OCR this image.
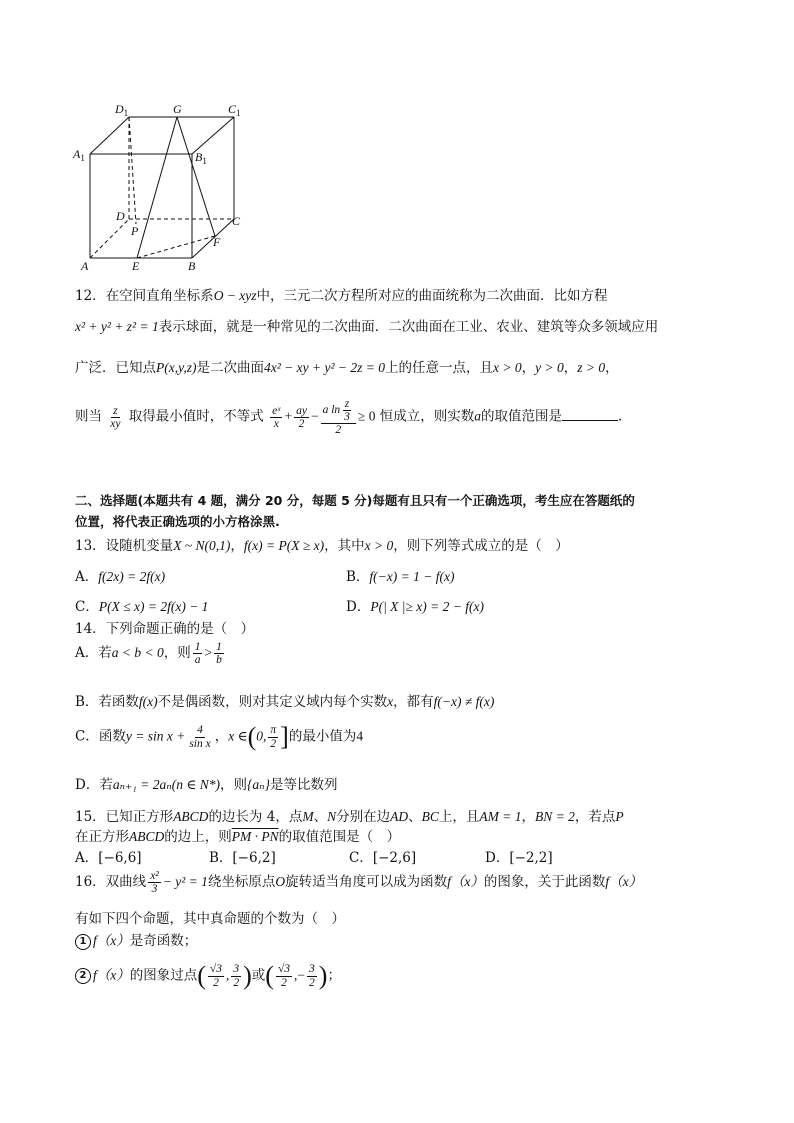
$D_1$	G	$C_1$
$A_1$	$B_1$
D	C
P
F
A	E	B
12．在空间直角坐标系O − xyz中，三元二次方程所对应的曲面统称为二次曲面．比如方程
x² + y² + z² = 1表示球面，就是一种常见的二次曲面．二次曲面在工业、农业、建筑等众多领域应用
广泛．已知点P(x,y,z)是二次曲面4x² − xy + y² − 2z = 0上的任意一点，且x > 0，y > 0，z > 0，
则当 $\frac{z}{xy}$ 取得最小值时，不等式 $\frac{\text{eˣ}}{x} + \frac{ay}{2} - \frac{a \ln \frac{z}{3}}{2} \ge 0$ 恒成立，则实数a的取值范围是	．
二、选择题(本题共有 4 题，满分 20 分，每题 5 分)每题有且只有一个正确选项，考生应在答题纸的
位置，将代表正确选项的小方格涂黑.
13．设随机变量X ~ N(0,1)，f(x) = P(X ≥ x)，其中x > 0，则下列等式成立的是（　）
A．f(2x) = 2f(x)	B．f(−x) = 1 − f(x)
C．P(X ≤ x) = 2f(x) − 1	D．P(| X |≥ x) = 2 − f(x)
14．下列命题正确的是（　）
A．若a < b < 0，则 $\frac{1}{a} > \frac{1}{b}$
B．若函数f(x)不是偶函数，则对其定义域内每个实数x，都有f(−x) ≠ f(x)
C．函数$y = \sin x + \frac{4}{\text{sin x}}$ ，x ∈(0, $\frac{\pi}{2}$ ]的最小值为4
D．若aₙ₊₁ = 2aₙ(n ∈ N*)，则{aₙ}是等比数列
15．已知正方形ABCD的边长为 4，点M、N分别在边AD、BC上，且AM = 1，BN = 2，若点P
在正方形ABCD的边上，则PM · PN的取值范围是（　）
A．[−6,6]	B．[−6,2]	C．[−2,6]	D．[−2,2]
16．双曲线 $\frac{\text{x²}}{3} - y^2 = 1$绕坐标原点O旋转适当角度可以成为函数f（x）的图象，关于此函数f（x）
有如下四个命题，其中真命题的个数为（　）
1 f（x）是奇函数；
2 f（x）的图象过点( $\frac{√3}{2}$ , $\frac{3}{2}$ )或( $\frac{√3}{2}$ ,− $\frac{3}{2}$ )；
